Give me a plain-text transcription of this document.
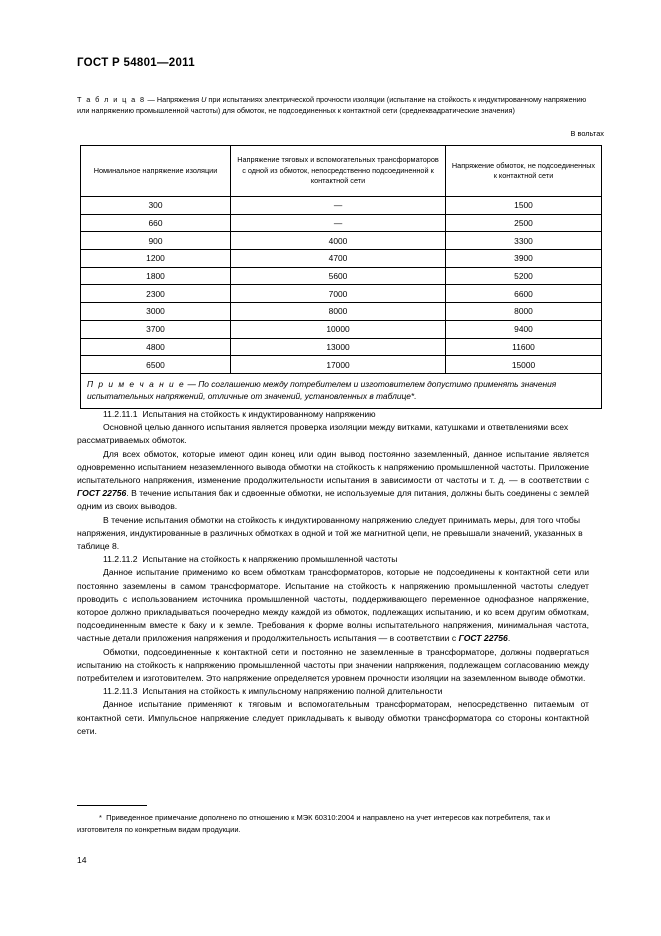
ГОСТ Р 54801—2011
Т а б л и ц а 8 — Напряжения U при испытаниях электрической прочности изоляции (испытание на стойкость к индуктированному напряжению или напряжению промышленной частоты) для обмоток, не подсоединенных к контактной сети (среднеквадратические значения)
В вольтах
Номинальное напряжение изоляции	Напряжение тяговых и вспомогательных трансформаторов с одной из обмоток, непосредственно подсоединенной к контактной сети	Напряжение обмоток, не подсоединенных к контактной сети
300	—	1500
660	—	2500
900	4000	3300
1200	4700	3900
1800	5600	5200
2300	7000	6600
3000	8000	8000
3700	10000	9400
4800	13000	11600
6500	17000	15000
П р и м е ч а н и е — По соглашению между потребителем и изготовителем допустимо применять значения испытательных напряжений, отличные от значений, установленных в таблице*.		

11.2.11.1 Испытания на стойкость к индуктированному напряжению

Основной целью данного испытания является проверка изоляции между витками, катушками и ответвлениями всех рассматриваемых обмоток.

Для всех обмоток, которые имеют один конец или один вывод постоянно заземленный, данное испытание является одновременно испытанием незаземленного вывода обмотки на стойкость к напряжению промышленной частоты. Приложение испытательного напряжения, изменение продолжительности испытания в зависимости от частоты и т. д. — в соответствии с ГОСТ 22756. В течение испытания бак и сдвоенные обмотки, не используемые для питания, должны быть соединены с землей одним из своих выводов.

В течение испытания обмотки на стойкость к индуктированному напряжению следует принимать меры, для того чтобы напряжения, индуктированные в различных обмотках в одной и той же магнитной цепи, не превышали значений, указанных в таблице 8.

11.2.11.2 Испытание на стойкость к напряжению промышленной частоты

Данное испытание применимо ко всем обмоткам трансформаторов, которые не подсоединены к контактной сети или постоянно заземлены в самом трансформаторе. Испытание на стойкость к напряжению промышленной частоты следует проводить с использованием источника промышленной частоты, поддерживающего переменное однофазное напряжение, которое должно прикладываться поочередно между каждой из обмоток, подлежащих испытанию, и ко всем другим обмоткам, подсоединенным вместе к баку и к земле. Требования к форме волны испытательного напряжения, минимальная частота, частные детали приложения напряжения и продолжительность испытания — в соответствии с ГОСТ 22756.

Обмотки, подсоединенные к контактной сети и постоянно не заземленные в трансформаторе, должны подвергаться испытанию на стойкость к напряжению промышленной частоты при значении напряжения, подлежащем согласованию между потребителем и изготовителем. Это напряжение определяется уровнем прочности изоляции на заземленном выводе обмотки.

11.2.11.3 Испытания на стойкость к импульсному напряжению полной длительности

Данное испытание применяют к тяговым и вспомогательным трансформаторам, непосредственно питаемым от контактной сети. Импульсное напряжение следует прикладывать к выводу обмотки трансформатора со стороны контактной сети.

* Приведенное примечание дополнено по отношению к МЭК 60310:2004 и направлено на учет интересов как потребителя, так и изготовителя по конкретным видам продукции.
14
